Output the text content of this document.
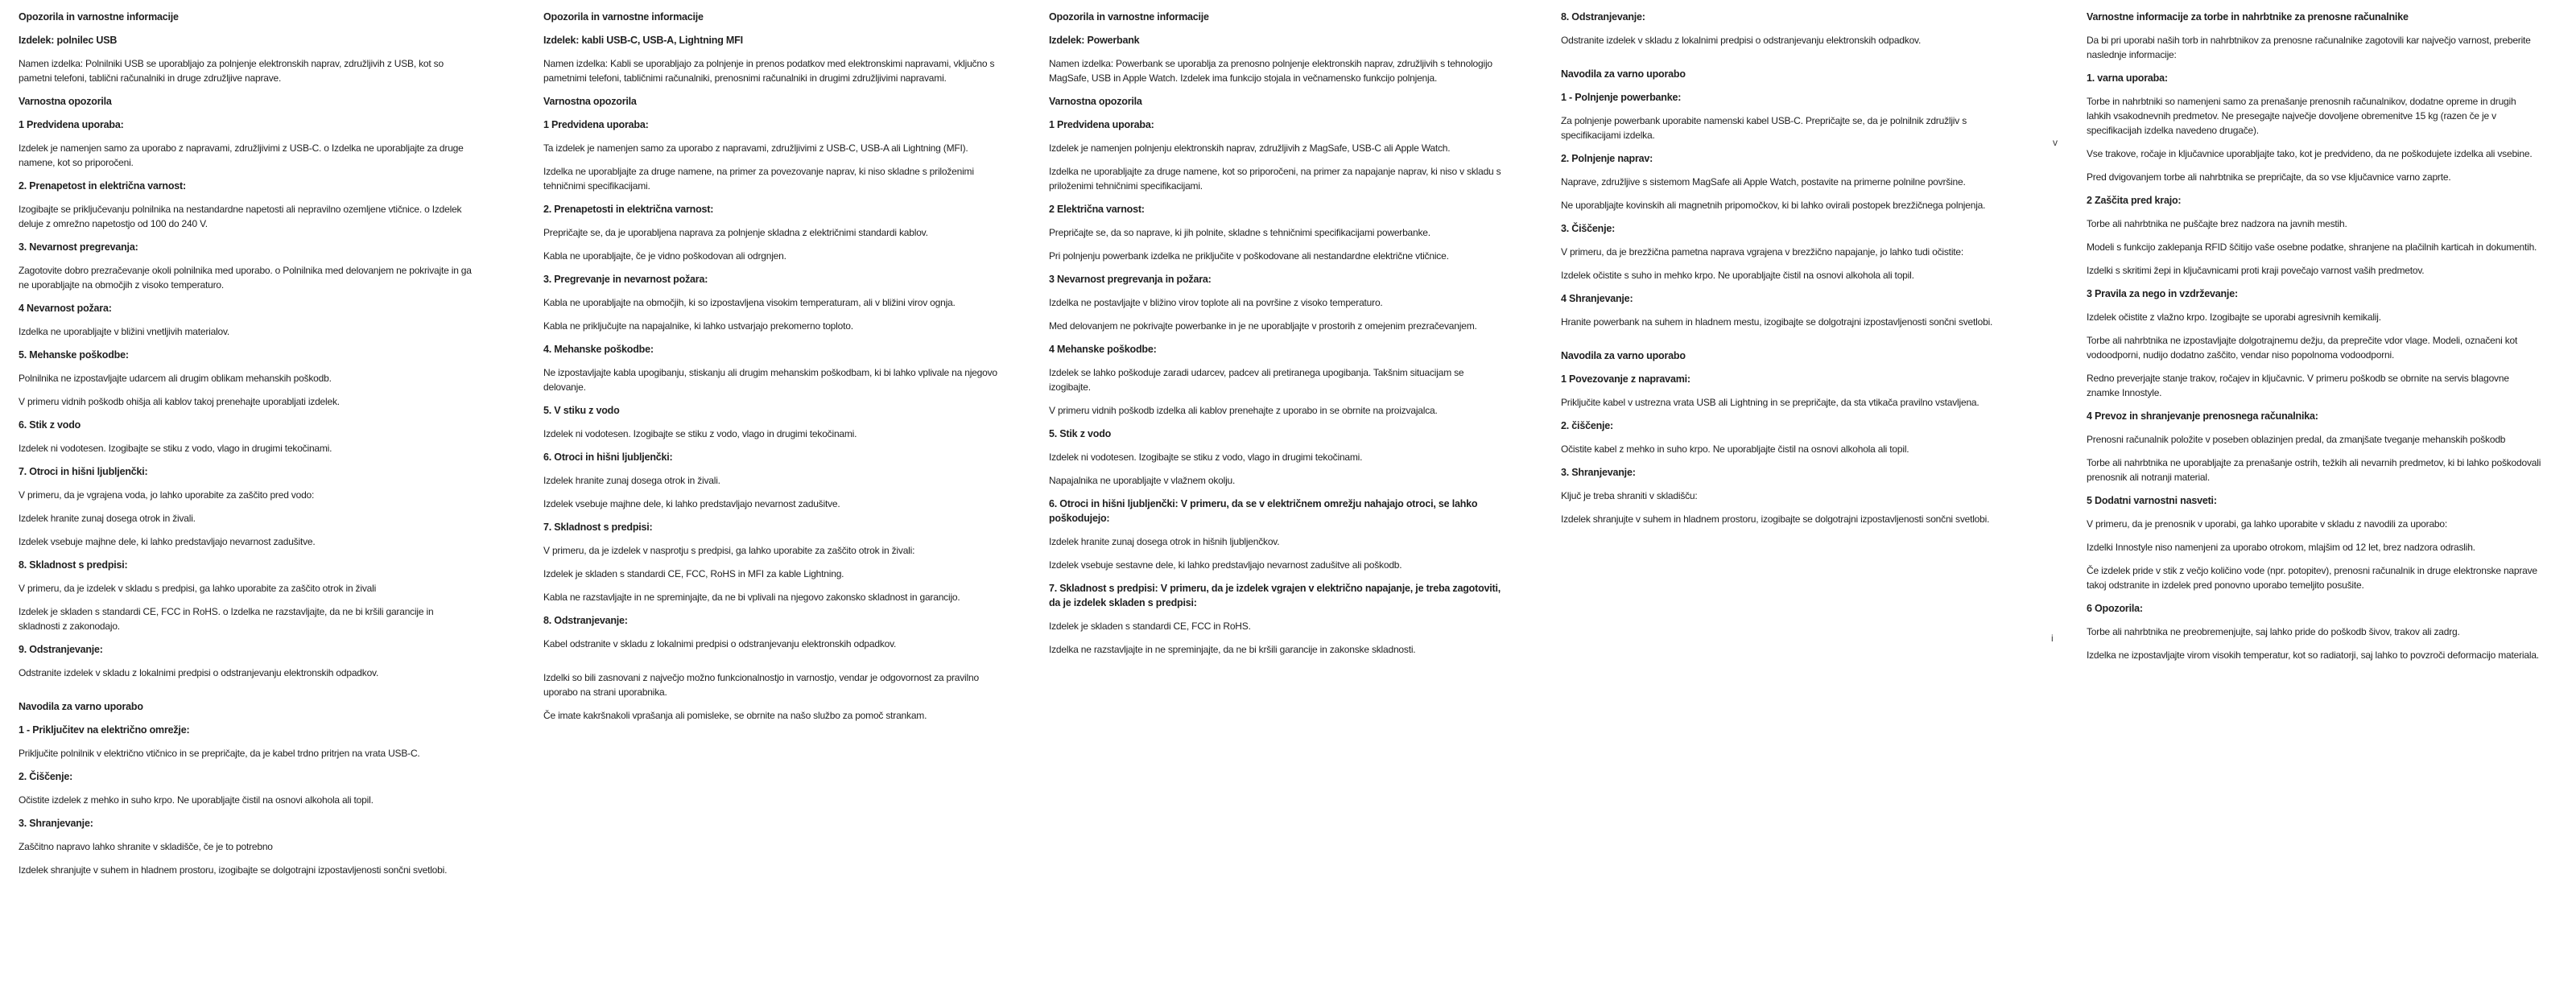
Opozorila in varnostne informacije
Izdelek: polnilec USB
Namen izdelka: Polnilniki USB se uporabljajo za polnjenje elektronskih naprav, združljivih z USB, kot so pametni telefoni, tablični računalniki in druge združljive naprave.
Varnostna opozorila
1 Predvidena uporaba:
Izdelek je namenjen samo za uporabo z napravami, združljivimi z USB-C. o Izdelka ne uporabljajte za druge namene, kot so priporočeni.
2. Prenapetost in električna varnost:
Izogibajte se priključevanju polnilnika na nestandardne napetosti ali nepravilno ozemljene vtičnice. o Izdelek deluje z omrežno napetostjo od 100 do 240 V.
3. Nevarnost pregrevanja:
Zagotovite dobro prezračevanje okoli polnilnika med uporabo. o Polnilnika med delovanjem ne pokrivajte in ga ne uporabljajte na območjih z visoko temperaturo.
4 Nevarnost požara:
Izdelka ne uporabljajte v bližini vnetljivih materialov.
5. Mehanske poškodbe:
Polnilnika ne izpostavljajte udarcem ali drugim oblikam mehanskih poškodb.
V primeru vidnih poškodb ohišja ali kablov takoj prenehajte uporabljati izdelek.
6. Stik z vodo
Izdelek ni vodotesen. Izogibajte se stiku z vodo, vlago in drugimi tekočinami.
7. Otroci in hišni ljubljenčki:
V primeru, da je vgrajena voda, jo lahko uporabite za zaščito pred vodo:
Izdelek hranite zunaj dosega otrok in živali.
Izdelek vsebuje majhne dele, ki lahko predstavljajo nevarnost zadušitve.
8. Skladnost s predpisi:
V primeru, da je izdelek v skladu s predpisi, ga lahko uporabite za zaščito otrok in živali
Izdelek je skladen s standardi CE, FCC in RoHS. o Izdelka ne razstavljajte, da ne bi kršili garancije in skladnosti z zakonodajo.
9. Odstranjevanje:
Odstranite izdelek v skladu z lokalnimi predpisi o odstranjevanju elektronskih odpadkov.
Navodila za varno uporabo
1 - Priključitev na električno omrežje:
Priključite polnilnik v električno vtičnico in se prepričajte, da je kabel trdno pritrjen na vrata USB-C.
2. Čiščenje:
Očistite izdelek z mehko in suho krpo. Ne uporabljajte čistil na osnovi alkohola ali topil.
3. Shranjevanje:
Zaščitno napravo lahko shranite v skladišče, če je to potrebno
Izdelek shranjujte v suhem in hladnem prostoru, izogibajte se dolgotrajni izpostavljenosti sončni svetlobi.
Opozorila in varnostne informacije
Izdelek: kabli USB-C, USB-A, Lightning MFI
Namen izdelka: Kabli se uporabljajo za polnjenje in prenos podatkov med elektronskimi napravami, vključno s pametnimi telefoni, tabličnimi računalniki, prenosnimi računalniki in drugimi združljivimi napravami.
Varnostna opozorila
1 Predvidena uporaba:
Ta izdelek je namenjen samo za uporabo z napravami, združljivimi z USB-C, USB-A ali Lightning (MFI).
Izdelka ne uporabljajte za druge namene, na primer za povezovanje naprav, ki niso skladne s priloženimi tehničnimi specifikacijami.
2. Prenapetosti in električna varnost:
Prepričajte se, da je uporabljena naprava za polnjenje skladna z električnimi standardi kablov.
Kabla ne uporabljajte, če je vidno poškodovan ali odrgnjen.
3. Pregrevanje in nevarnost požara:
Kabla ne uporabljajte na območjih, ki so izpostavljena visokim temperaturam, ali v bližini virov ognja.
Kabla ne priključujte na napajalnike, ki lahko ustvarjajo prekomerno toploto.
4. Mehanske poškodbe:
Ne izpostavljajte kabla upogibanju, stiskanju ali drugim mehanskim poškodbam, ki bi lahko vplivale na njegovo delovanje.
5. V stiku z vodo
Izdelek ni vodotesen. Izogibajte se stiku z vodo, vlago in drugimi tekočinami.
6. Otroci in hišni ljubljenčki:
Izdelek hranite zunaj dosega otrok in živali.
Izdelek vsebuje majhne dele, ki lahko predstavljajo nevarnost zadušitve.
7. Skladnost s predpisi:
V primeru, da je izdelek v nasprotju s predpisi, ga lahko uporabite za zaščito otrok in živali:
Izdelek je skladen s standardi CE, FCC, RoHS in MFI za kable Lightning.
Kabla ne razstavljajte in ne spreminjajte, da ne bi vplivali na njegovo zakonsko skladnost in garancijo.
8. Odstranjevanje:
Kabel odstranite v skladu z lokalnimi predpisi o odstranjevanju elektronskih odpadkov.
Izdelki so bili zasnovani z največjo možno funkcionalnostjo in varnostjo, vendar je odgovornost za pravilno uporabo na strani uporabnika.
Če imate kakršnakoli vprašanja ali pomisleke, se obrnite na našo službo za pomoč strankam.
Opozorila in varnostne informacije
Izdelek: Powerbank
Namen izdelka: Powerbank se uporablja za prenosno polnjenje elektronskih naprav, združljivih s tehnologijo MagSafe, USB in Apple Watch. Izdelek ima funkcijo stojala in večnamensko funkcijo polnjenja.
Varnostna opozorila
1 Predvidena uporaba:
Izdelek je namenjen polnjenju elektronskih naprav, združljivih z MagSafe, USB-C ali Apple Watch.
Izdelka ne uporabljajte za druge namene, kot so priporočeni, na primer za napajanje naprav, ki niso v skladu s priloženimi tehničnimi specifikacijami.
2 Električna varnost:
Prepričajte se, da so naprave, ki jih polnite, skladne s tehničnimi specifikacijami powerbanke.
Pri polnjenju powerbank izdelka ne priključite v poškodovane ali nestandardne električne vtičnice.
3 Nevarnost pregrevanja in požara:
Izdelka ne postavljajte v bližino virov toplote ali na površine z visoko temperaturo.
Med delovanjem ne pokrivajte powerbanke in je ne uporabljajte v prostorih z omejenim prezračevanjem.
4 Mehanske poškodbe:
Izdelek se lahko poškoduje zaradi udarcev, padcev ali pretiranega upogibanja. Takšnim situacijam se izogibajte.
V primeru vidnih poškodb izdelka ali kablov prenehajte z uporabo in se obrnite na proizvajalca.
5. Stik z vodo
Izdelek ni vodotesen. Izogibajte se stiku z vodo, vlago in drugimi tekočinami.
Napajalnika ne uporabljajte v vlažnem okolju.
6. Otroci in hišni ljubljenčki: V primeru, da se v električnem omrežju nahajajo otroci, se lahko poškodujejo:
Izdelek hranite zunaj dosega otrok in hišnih ljubljenčkov.
Izdelek vsebuje sestavne dele, ki lahko predstavljajo nevarnost zadušitve ali poškodb.
7. Skladnost s predpisi: V primeru, da je izdelek vgrajen v električno napajanje, je treba zagotoviti, da je izdelek skladen s predpisi:
Izdelek je skladen s standardi CE, FCC in RoHS.
Izdelka ne razstavljajte in ne spreminjajte, da ne bi kršili garancije in zakonske skladnosti.
8. Odstranjevanje:
Odstranite izdelek v skladu z lokalnimi predpisi o odstranjevanju elektronskih odpadkov.
Navodila za varno uporabo
1 - Polnjenje powerbanke:
Za polnjenje powerbank uporabite namenski kabel USB-C. Prepričajte se, da je polnilnik združljiv s specifikacijami izdelka.
2. Polnjenje naprav:
Naprave, združljive s sistemom MagSafe ali Apple Watch, postavite na primerne polnilne površine.
Ne uporabljajte kovinskih ali magnetnih pripomočkov, ki bi lahko ovirali postopek brezžičnega polnjenja.
3. Čiščenje:
V primeru, da je brezžična pametna naprava vgrajena v brezžično napajanje, jo lahko tudi očistite:
Izdelek očistite s suho in mehko krpo. Ne uporabljajte čistil na osnovi alkohola ali topil.
4 Shranjevanje:
Hranite powerbank na suhem in hladnem mestu, izogibajte se dolgotrajni izpostavljenosti sončni svetlobi.
Navodila za varno uporabo
1 Povezovanje z napravami:
Priključite kabel v ustrezna vrata USB ali Lightning in se prepričajte, da sta vtikača pravilno vstavljena.
2. čiščenje:
Očistite kabel z mehko in suho krpo. Ne uporabljajte čistil na osnovi alkohola ali topil.
3. Shranjevanje:
Ključ je treba shraniti v skladišču:
Izdelek shranjujte v suhem in hladnem prostoru, izogibajte se dolgotrajni izpostavljenosti sončni svetlobi.
Varnostne informacije za torbe in nahrbtnike za prenosne računalnike
Da bi pri uporabi naših torb in nahrbtnikov za prenosne računalnike zagotovili kar največjo varnost, preberite naslednje informacije:
1. varna uporaba:
Torbe in nahrbtniki so namenjeni samo za prenašanje prenosnih računalnikov, dodatne opreme in drugih lahkih vsakodnevnih predmetov. Ne presegajte največje dovoljene obremenitve 15 kg (razen če je v specifikacijah izdelka navedeno drugače).
Vse trakove, ročaje in ključavnice uporabljajte tako, kot je predvideno, da ne poškodujete izdelka ali vsebine.
Pred dvigovanjem torbe ali nahrbtnika se prepričajte, da so vse ključavnice varno zaprte.
2 Zaščita pred krajo:
Torbe ali nahrbtnika ne puščajte brez nadzora na javnih mestih.
Modeli s funkcijo zaklepanja RFID ščitijo vaše osebne podatke, shranjene na plačilnih karticah in dokumentih.
Izdelki s skritimi žepi in ključavnicami proti kraji povečajo varnost vaših predmetov.
3 Pravila za nego in vzdrževanje:
Izdelek očistite z vlažno krpo. Izogibajte se uporabi agresivnih kemikalij.
Torbe ali nahrbtnika ne izpostavljajte dolgotrajnemu dežju, da preprečite vdor vlage. Modeli, označeni kot vodoodporni, nudijo dodatno zaščito, vendar niso popolnoma vodoodporni.
Redno preverjajte stanje trakov, ročajev in ključavnic. V primeru poškodb se obrnite na servis blagovne znamke Innostyle.
4 Prevoz in shranjevanje prenosnega računalnika:
Prenosni računalnik položite v poseben oblazinjen predal, da zmanjšate tveganje mehanskih poškodb
Torbe ali nahrbtnika ne uporabljajte za prenašanje ostrih, težkih ali nevarnih predmetov, ki bi lahko poškodovali prenosnik ali notranji material.
5 Dodatni varnostni nasveti:
V primeru, da je prenosnik v uporabi, ga lahko uporabite v skladu z navodili za uporabo:
Izdelki Innostyle niso namenjeni za uporabo otrokom, mlajšim od 12 let, brez nadzora odraslih.
Če izdelek pride v stik z večjo količino vode (npr. potopitev), prenosni računalnik in druge elektronske naprave takoj odstranite in izdelek pred ponovno uporabo temeljito posušite.
6 Opozorila:
Torbe ali nahrbtnika ne preobremenjujte, saj lahko pride do poškodb šivov, trakov ali zadrg.
Izdelka ne izpostavljajte virom visokih temperatur, kot so radiatorji, saj lahko to povzroči deformacijo materiala.
v
i
